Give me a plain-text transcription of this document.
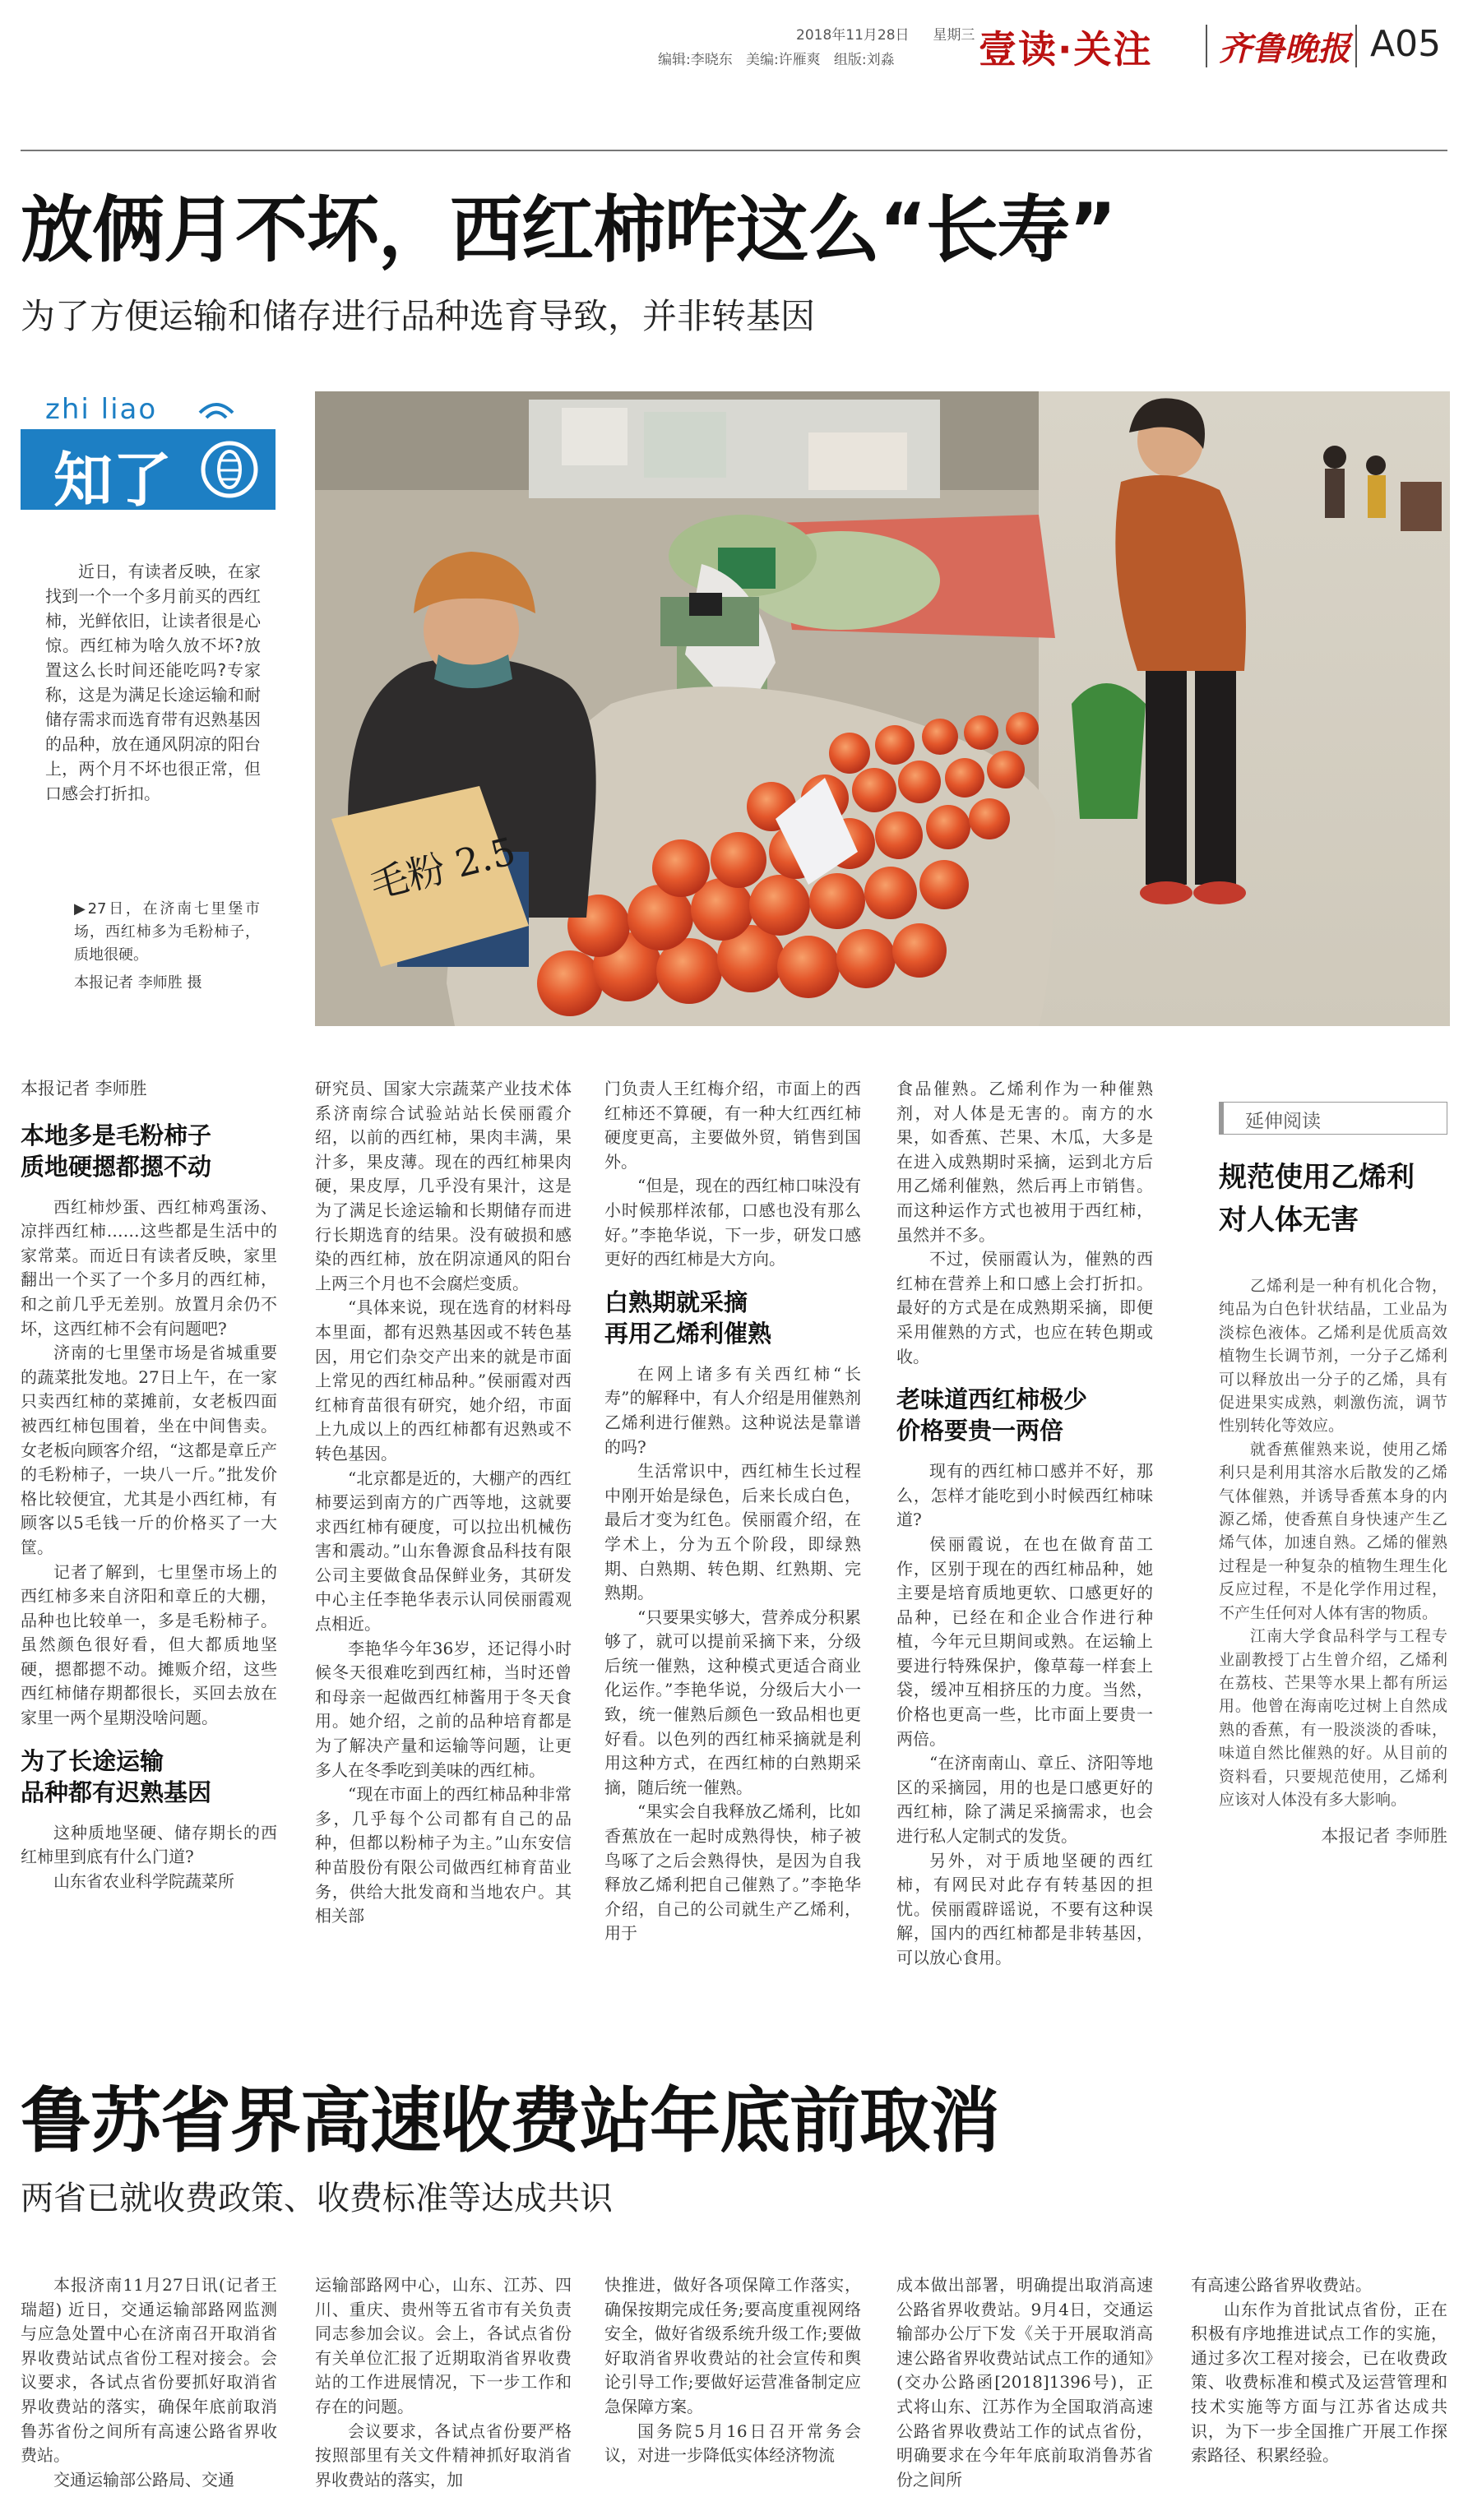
2018年11月28日 星期三
编辑:李晓东   美编:许雁爽   组版:刘淼 壹读·关注 齐鲁晚报 A05
放俩月不坏，西红柿咋这么“长寿”
为了方便运输和储存进行品种选育导致，并非转基因
zhi liao
知了

近日，有读者反映，在家找到一个一个多月前买的西红柿，光鲜依旧，让读者很是心惊。西红柿为啥久放不坏?放置这么长时间还能吃吗?专家称，这是为满足长途运输和耐储存需求而选育带有迟熟基因的品种，放在通风阴凉的阳台上，两个月不坏也很正常，但口感会打折扣。

▶27日，在济南七里堡市场，西红柿多为毛粉柿子，质地很硬。

本报记者 李师胜 摄

毛粉 2.5

本报记者 李师胜

本地多是毛粉柿子
质地硬摁都摁不动

西红柿炒蛋、西红柿鸡蛋汤、凉拌西红柿……这些都是生活中的家常菜。而近日有读者反映，家里翻出一个买了一个多月的西红柿，和之前几乎无差别。放置月余仍不坏，这西红柿不会有问题吧?

济南的七里堡市场是省城重要的蔬菜批发地。27日上午，在一家只卖西红柿的菜摊前，女老板四面被西红柿包围着，坐在中间售卖。女老板向顾客介绍，“这都是章丘产的毛粉柿子，一块八一斤。”批发价格比较便宜，尤其是小西红柿，有顾客以5毛钱一斤的价格买了一大筐。

记者了解到，七里堡市场上的西红柿多来自济阳和章丘的大棚，品种也比较单一，多是毛粉柿子。虽然颜色很好看，但大都质地坚硬，摁都摁不动。摊贩介绍，这些西红柿储存期都很长，买回去放在家里一两个星期没啥问题。

为了长途运输
品种都有迟熟基因

这种质地坚硬、储存期长的西红柿里到底有什么门道?

山东省农业科学院蔬菜所

研究员、国家大宗蔬菜产业技术体系济南综合试验站站长侯丽霞介绍，以前的西红柿，果肉丰满，果汁多，果皮薄。现在的西红柿果肉硬，果皮厚，几乎没有果汁，这是为了满足长途运输和长期储存而进行长期选育的结果。没有破损和感染的西红柿，放在阴凉通风的阳台上两三个月也不会腐烂变质。

“具体来说，现在选育的材料母本里面，都有迟熟基因或不转色基因，用它们杂交产出来的就是市面上常见的西红柿品种。”侯丽霞对西红柿育苗很有研究，她介绍，市面上九成以上的西红柿都有迟熟或不转色基因。

“北京都是近的，大棚产的西红柿要运到南方的广西等地，这就要求西红柿有硬度，可以拉出机械伤害和震动。”山东鲁源食品科技有限公司主要做食品保鲜业务，其研发中心主任李艳华表示认同侯丽霞观点相近。

李艳华今年36岁，还记得小时候冬天很难吃到西红柿，当时还曾和母亲一起做西红柿酱用于冬天食用。她介绍，之前的品种培育都是为了解决产量和运输等问题，让更多人在冬季吃到美味的西红柿。

“现在市面上的西红柿品种非常多，几乎每个公司都有自己的品种，但都以粉柿子为主。”山东安信种苗股份有限公司做西红柿育苗业务，供给大批发商和当地农户。其相关部

门负责人王红梅介绍，市面上的西红柿还不算硬，有一种大红西红柿硬度更高，主要做外贸，销售到国外。

“但是，现在的西红柿口味没有小时候那样浓郁，口感也没有那么好。”李艳华说，下一步，研发口感更好的西红柿是大方向。

白熟期就采摘
再用乙烯利催熟

在网上诸多有关西红柿“长寿”的解释中，有人介绍是用催熟剂乙烯利进行催熟。这种说法是靠谱的吗?

生活常识中，西红柿生长过程中刚开始是绿色，后来长成白色，最后才变为红色。侯丽霞介绍，在学术上，分为五个阶段，即绿熟期、白熟期、转色期、红熟期、完熟期。

“只要果实够大，营养成分积累够了，就可以提前采摘下来，分级后统一催熟，这种模式更适合商业化运作。”李艳华说，分级后大小一致，统一催熟后颜色一致品相也更好看。以色列的西红柿采摘就是利用这种方式，在西红柿的白熟期采摘，随后统一催熟。

“果实会自我释放乙烯利，比如香蕉放在一起时成熟得快，柿子被鸟啄了之后会熟得快，是因为自我释放乙烯利把自己催熟了。”李艳华介绍，自己的公司就生产乙烯利，用于

食品催熟。乙烯利作为一种催熟剂，对人体是无害的。南方的水果，如香蕉、芒果、木瓜，大多是在进入成熟期时采摘，运到北方后用乙烯利催熟，然后再上市销售。而这种运作方式也被用于西红柿，虽然并不多。

不过，侯丽霞认为，催熟的西红柿在营养上和口感上会打折扣。最好的方式是在成熟期采摘，即便采用催熟的方式，也应在转色期或收。

老味道西红柿极少
价格要贵一两倍

现有的西红柿口感并不好，那么，怎样才能吃到小时候西红柿味道?

侯丽霞说，在也在做育苗工作，区别于现在的西红柿品种，她主要是培育质地更软、口感更好的品种，已经在和企业合作进行种植，今年元旦期间或熟。在运输上要进行特殊保护，像草莓一样套上袋，缓冲互相挤压的力度。当然，价格也更高一些，比市面上要贵一两倍。

“在济南南山、章丘、济阳等地区的采摘园，用的也是口感更好的西红柿，除了满足采摘需求，也会进行私人定制式的发货。

另外，对于质地坚硬的西红柿，有网民对此存有转基因的担忧。侯丽霞辟谣说，不要有这种误解，国内的西红柿都是非转基因，可以放心食用。

延伸阅读
规范使用乙烯利
对人体无害

乙烯利是一种有机化合物，纯品为白色针状结晶，工业品为淡棕色液体。乙烯利是优质高效植物生长调节剂，一分子乙烯利可以释放出一分子的乙烯，具有促进果实成熟，刺激伤流，调节性别转化等效应。

就香蕉催熟来说，使用乙烯利只是利用其溶水后散发的乙烯气体催熟，并诱导香蕉本身的内源乙烯，使香蕉自身快速产生乙烯气体，加速自熟。乙烯的催熟过程是一种复杂的植物生理生化反应过程，不是化学作用过程，不产生任何对人体有害的物质。

江南大学食品科学与工程专业副教授丁占生曾介绍，乙烯利在荔枝、芒果等水果上都有所运用。他曾在海南吃过树上自然成熟的香蕉，有一股淡淡的香味，味道自然比催熟的好。从目前的资料看，只要规范使用，乙烯利应该对人体没有多大影响。

本报记者 李师胜

鲁苏省界高速收费站年底前取消
两省已就收费政策、收费标准等达成共识

本报济南11月27日讯(记者王瑞超) 近日，交通运输部路网监测与应急处置中心在济南召开取消省界收费站试点省份工程对接会。会议要求，各试点省份要抓好取消省界收费站的落实，确保年底前取消鲁苏省份之间所有高速公路省界收费站。

交通运输部公路局、交通

运输部路网中心，山东、江苏、四川、重庆、贵州等五省市有关负责同志参加会议。会上，各试点省份有关单位汇报了近期取消省界收费站的工作进展情况，下一步工作和存在的问题。

会议要求，各试点省份要严格按照部里有关文件精神抓好取消省界收费站的落实，加

快推进，做好各项保障工作落实，确保按期完成任务;要高度重视网络安全，做好省级系统升级工作;要做好取消省界收费站的社会宣传和舆论引导工作;要做好运营准备制定应急保障方案。

国务院5月16日召开常务会议，对进一步降低实体经济物流

成本做出部署，明确提出取消高速公路省界收费站。9月4日，交通运输部办公厅下发《关于开展取消高速公路省界收费站试点工作的通知》(交办公路函[2018]1396号)，正式将山东、江苏作为全国取消高速公路省界收费站工作的试点省份，明确要求在今年年底前取消鲁苏省份之间所

有高速公路省界收费站。

山东作为首批试点省份，正在积极有序地推进试点工作的实施，通过多次工程对接会，已在收费政策、收费标准和模式及运营管理和技术实施等方面与江苏省达成共识，为下一步全国推广开展工作探索路径、积累经验。
